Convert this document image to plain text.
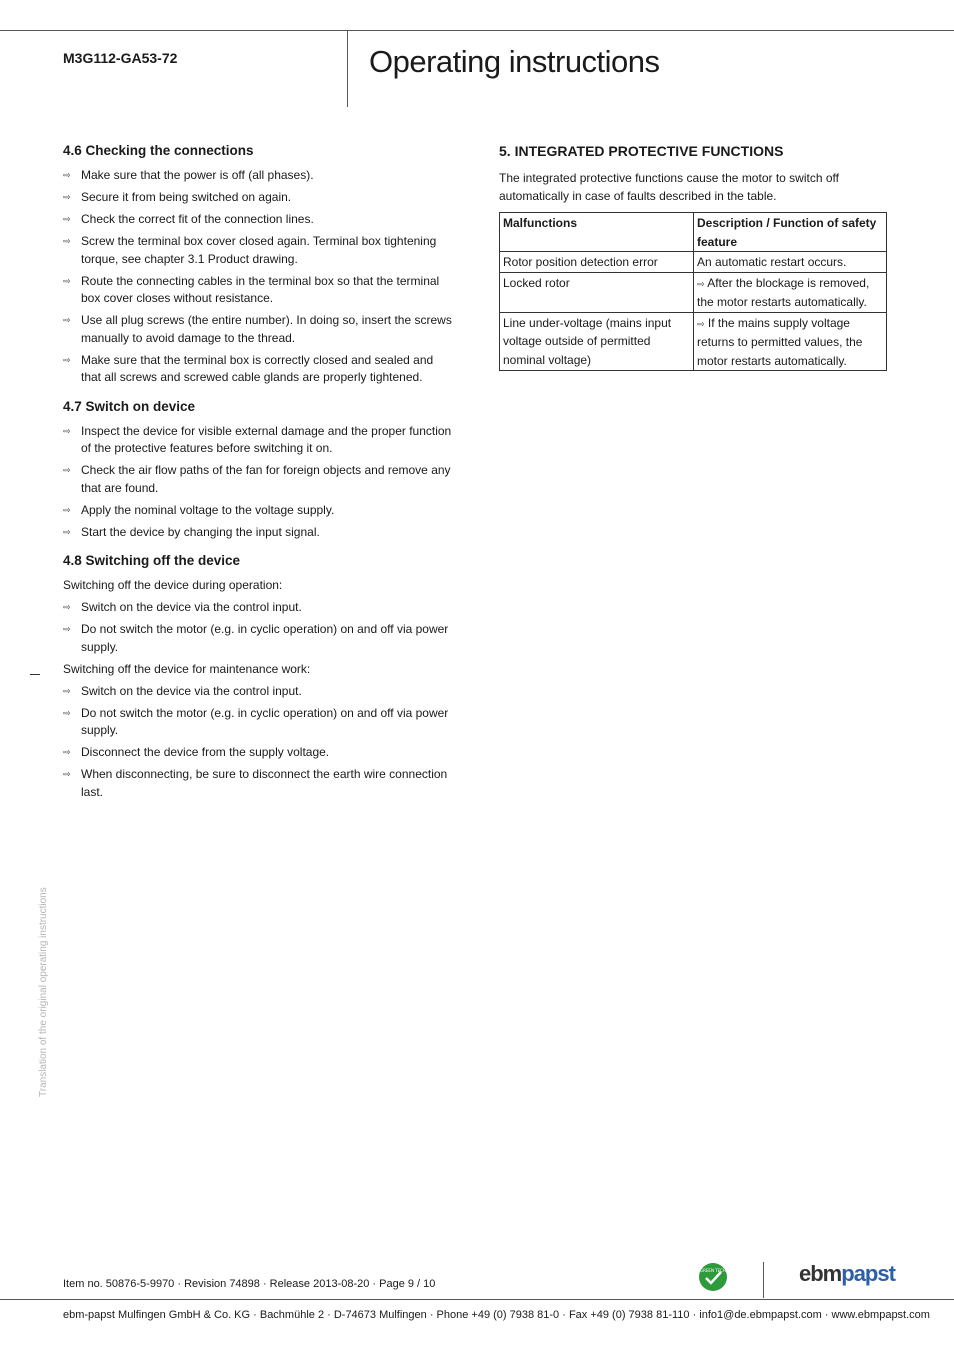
M3G112-GA53-72	Operating instructions
4.6 Checking the connections
⇨ Make sure that the power is off (all phases).
⇨ Secure it from being switched on again.
⇨ Check the correct fit of the connection lines.
⇨ Screw the terminal box cover closed again. Terminal box tightening torque, see chapter 3.1 Product drawing.
⇨ Route the connecting cables in the terminal box so that the terminal box cover closes without resistance.
⇨ Use all plug screws (the entire number). In doing so, insert the screws manually to avoid damage to the thread.
⇨ Make sure that the terminal box is correctly closed and sealed and that all screws and screwed cable glands are properly tightened.
4.7 Switch on device
⇨ Inspect the device for visible external damage and the proper function of the protective features before switching it on.
⇨ Check the air flow paths of the fan for foreign objects and remove any that are found.
⇨ Apply the nominal voltage to the voltage supply.
⇨ Start the device by changing the input signal.
4.8 Switching off the device

Switching off the device during operation:

⇨ Switch on the device via the control input.
⇨ Do not switch the motor (e.g. in cyclic operation) on and off via power supply.

Switching off the device for maintenance work:

⇨ Switch on the device via the control input.
⇨ Do not switch the motor (e.g. in cyclic operation) on and off via power supply.
⇨ Disconnect the device from the supply voltage.
⇨ When disconnecting, be sure to disconnect the earth wire connection last.
5. INTEGRATED PROTECTIVE FUNCTIONS

The integrated protective functions cause the motor to switch off automatically in case of faults described in the table.

Malfunctions	Description / Function of safety feature
Rotor position detection error	An automatic restart occurs.
Locked rotor	⇨ After the blockage is removed, the motor restarts automatically.
Line under-voltage (mains input voltage outside of permitted nominal voltage)	⇨ If the mains supply voltage returns to permitted values, the motor restarts automatically.
Translation of the original operating instructions
Item no. 50876-5-9970 · Revision 74898 · Release 2013-08-20 · Page 9 / 10
GREEN TECH	ebmpapst
ebm-papst Mulfingen GmbH & Co. KG · Bachmühle 2 · D-74673 Mulfingen · Phone +49 (0) 7938 81-0 · Fax +49 (0) 7938 81-110 · info1@de.ebmpapst.com · www.ebmpapst.com
